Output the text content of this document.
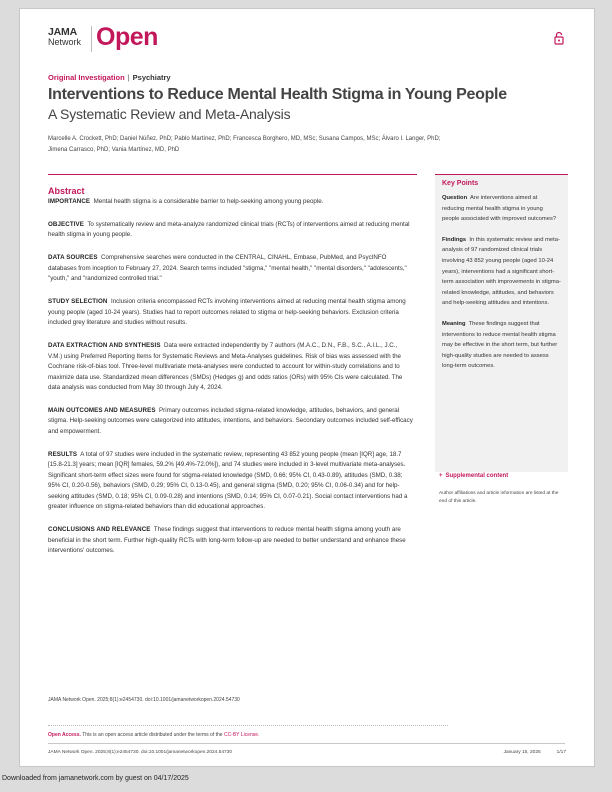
JAMA
Network Open
Original Investigation | Psychiatry
Interventions to Reduce Mental Health Stigma in Young People
A Systematic Review and Meta-Analysis
Marcelle A. Crockett, PhD; Daniel Núñez, PhD; Pablo Martínez, PhD; Francesca Borghero, MD, MSc; Susana Campos, MSc; Álvaro I. Langer, PhD;
Jimena Carrasco, PhD; Vania Martínez, MD, PhD
Abstract

IMPORTANCE Mental health stigma is a considerable barrier to help-seeking among young people.

OBJECTIVE To systematically review and meta-analyze randomized clinical trials (RCTs) of interventions aimed at reducing mental health stigma in young people.

DATA SOURCES Comprehensive searches were conducted in the CENTRAL, CINAHL, Embase, PubMed, and PsycINFO databases from inception to February 27, 2024. Search terms included "stigma," "mental health," "mental disorders," "adolescents," "youth," and "randomized controlled trial."

STUDY SELECTION Inclusion criteria encompassed RCTs involving interventions aimed at reducing mental health stigma among young people (aged 10-24 years). Studies had to report outcomes related to stigma or help-seeking behaviors. Exclusion criteria included grey literature and studies without results.

DATA EXTRACTION AND SYNTHESIS Data were extracted independently by 7 authors (M.A.C., D.N., F.B., S.C., A.I.L., J.C., V.M.) using Preferred Reporting Items for Systematic Reviews and Meta-Analyses guidelines. Risk of bias was assessed with the Cochrane risk-of-bias tool. Three-level multivariate meta-analyses were conducted to account for within-study correlations and to maximize data use. Standardized mean differences (SMDs) (Hedges g) and odds ratios (ORs) with 95% CIs were calculated. The data analysis was conducted from May 30 through July 4, 2024.

MAIN OUTCOMES AND MEASURES Primary outcomes included stigma-related knowledge, attitudes, behaviors, and general stigma. Help-seeking outcomes were categorized into attitudes, intentions, and behaviors. Secondary outcomes included self-efficacy and empowerment.

RESULTS A total of 97 studies were included in the systematic review, representing 43 852 young people (mean [IQR] age, 18.7 [15.8-21.3] years; mean [IQR] females, 59.2% [49.4%-72.0%]), and 74 studies were included in 3-level multivariate meta-analyses. Significant short-term effect sizes were found for stigma-related knowledge (SMD, 0.66; 95% CI, 0.43-0.89), attitudes (SMD, 0.38; 95% CI, 0.20-0.56), behaviors (SMD, 0.29; 95% CI, 0.13-0.45), and general stigma (SMD, 0.20; 95% CI, 0.06-0.34) and for help-seeking attitudes (SMD, 0.18; 95% CI, 0.09-0.28) and intentions (SMD, 0.14; 95% CI, 0.07-0.21). Social contact interventions had a greater influence on stigma-related behaviors than did educational approaches.

CONCLUSIONS AND RELEVANCE These findings suggest that interventions to reduce mental health stigma among youth are beneficial in the short term. Further high-quality RCTs with long-term follow-up are needed to better understand and enhance these interventions' outcomes.

JAMA Network Open. 2025;8(1):e2454730. doi:10.1001/jamanetworkopen.2024.54730
Open Access. This is an open access article distributed under the terms of the CC-BY License.
JAMA Network Open. 2025;8(1):e2454730. doi:10.1001/jamanetworkopen.2024.54730	January 15, 2025	1/17
Key Points

Question Are interventions aimed at reducing mental health stigma in young people associated with improved outcomes?

Findings In this systematic review and meta-analysis of 97 randomized clinical trials involving 43 852 young people (aged 10-24 years), interventions had a significant short-term association with improvements in stigma-related knowledge, attitudes, and behaviors and help-seeking attitudes and intentions.

Meaning These findings suggest that interventions to reduce mental health stigma may be effective in the short term, but further high-quality studies are needed to assess long-term outcomes.

+ Supplemental content
Author affiliations and article information are listed at the end of this article.
Downloaded from jamanetwork.com by guest on 04/17/2025
